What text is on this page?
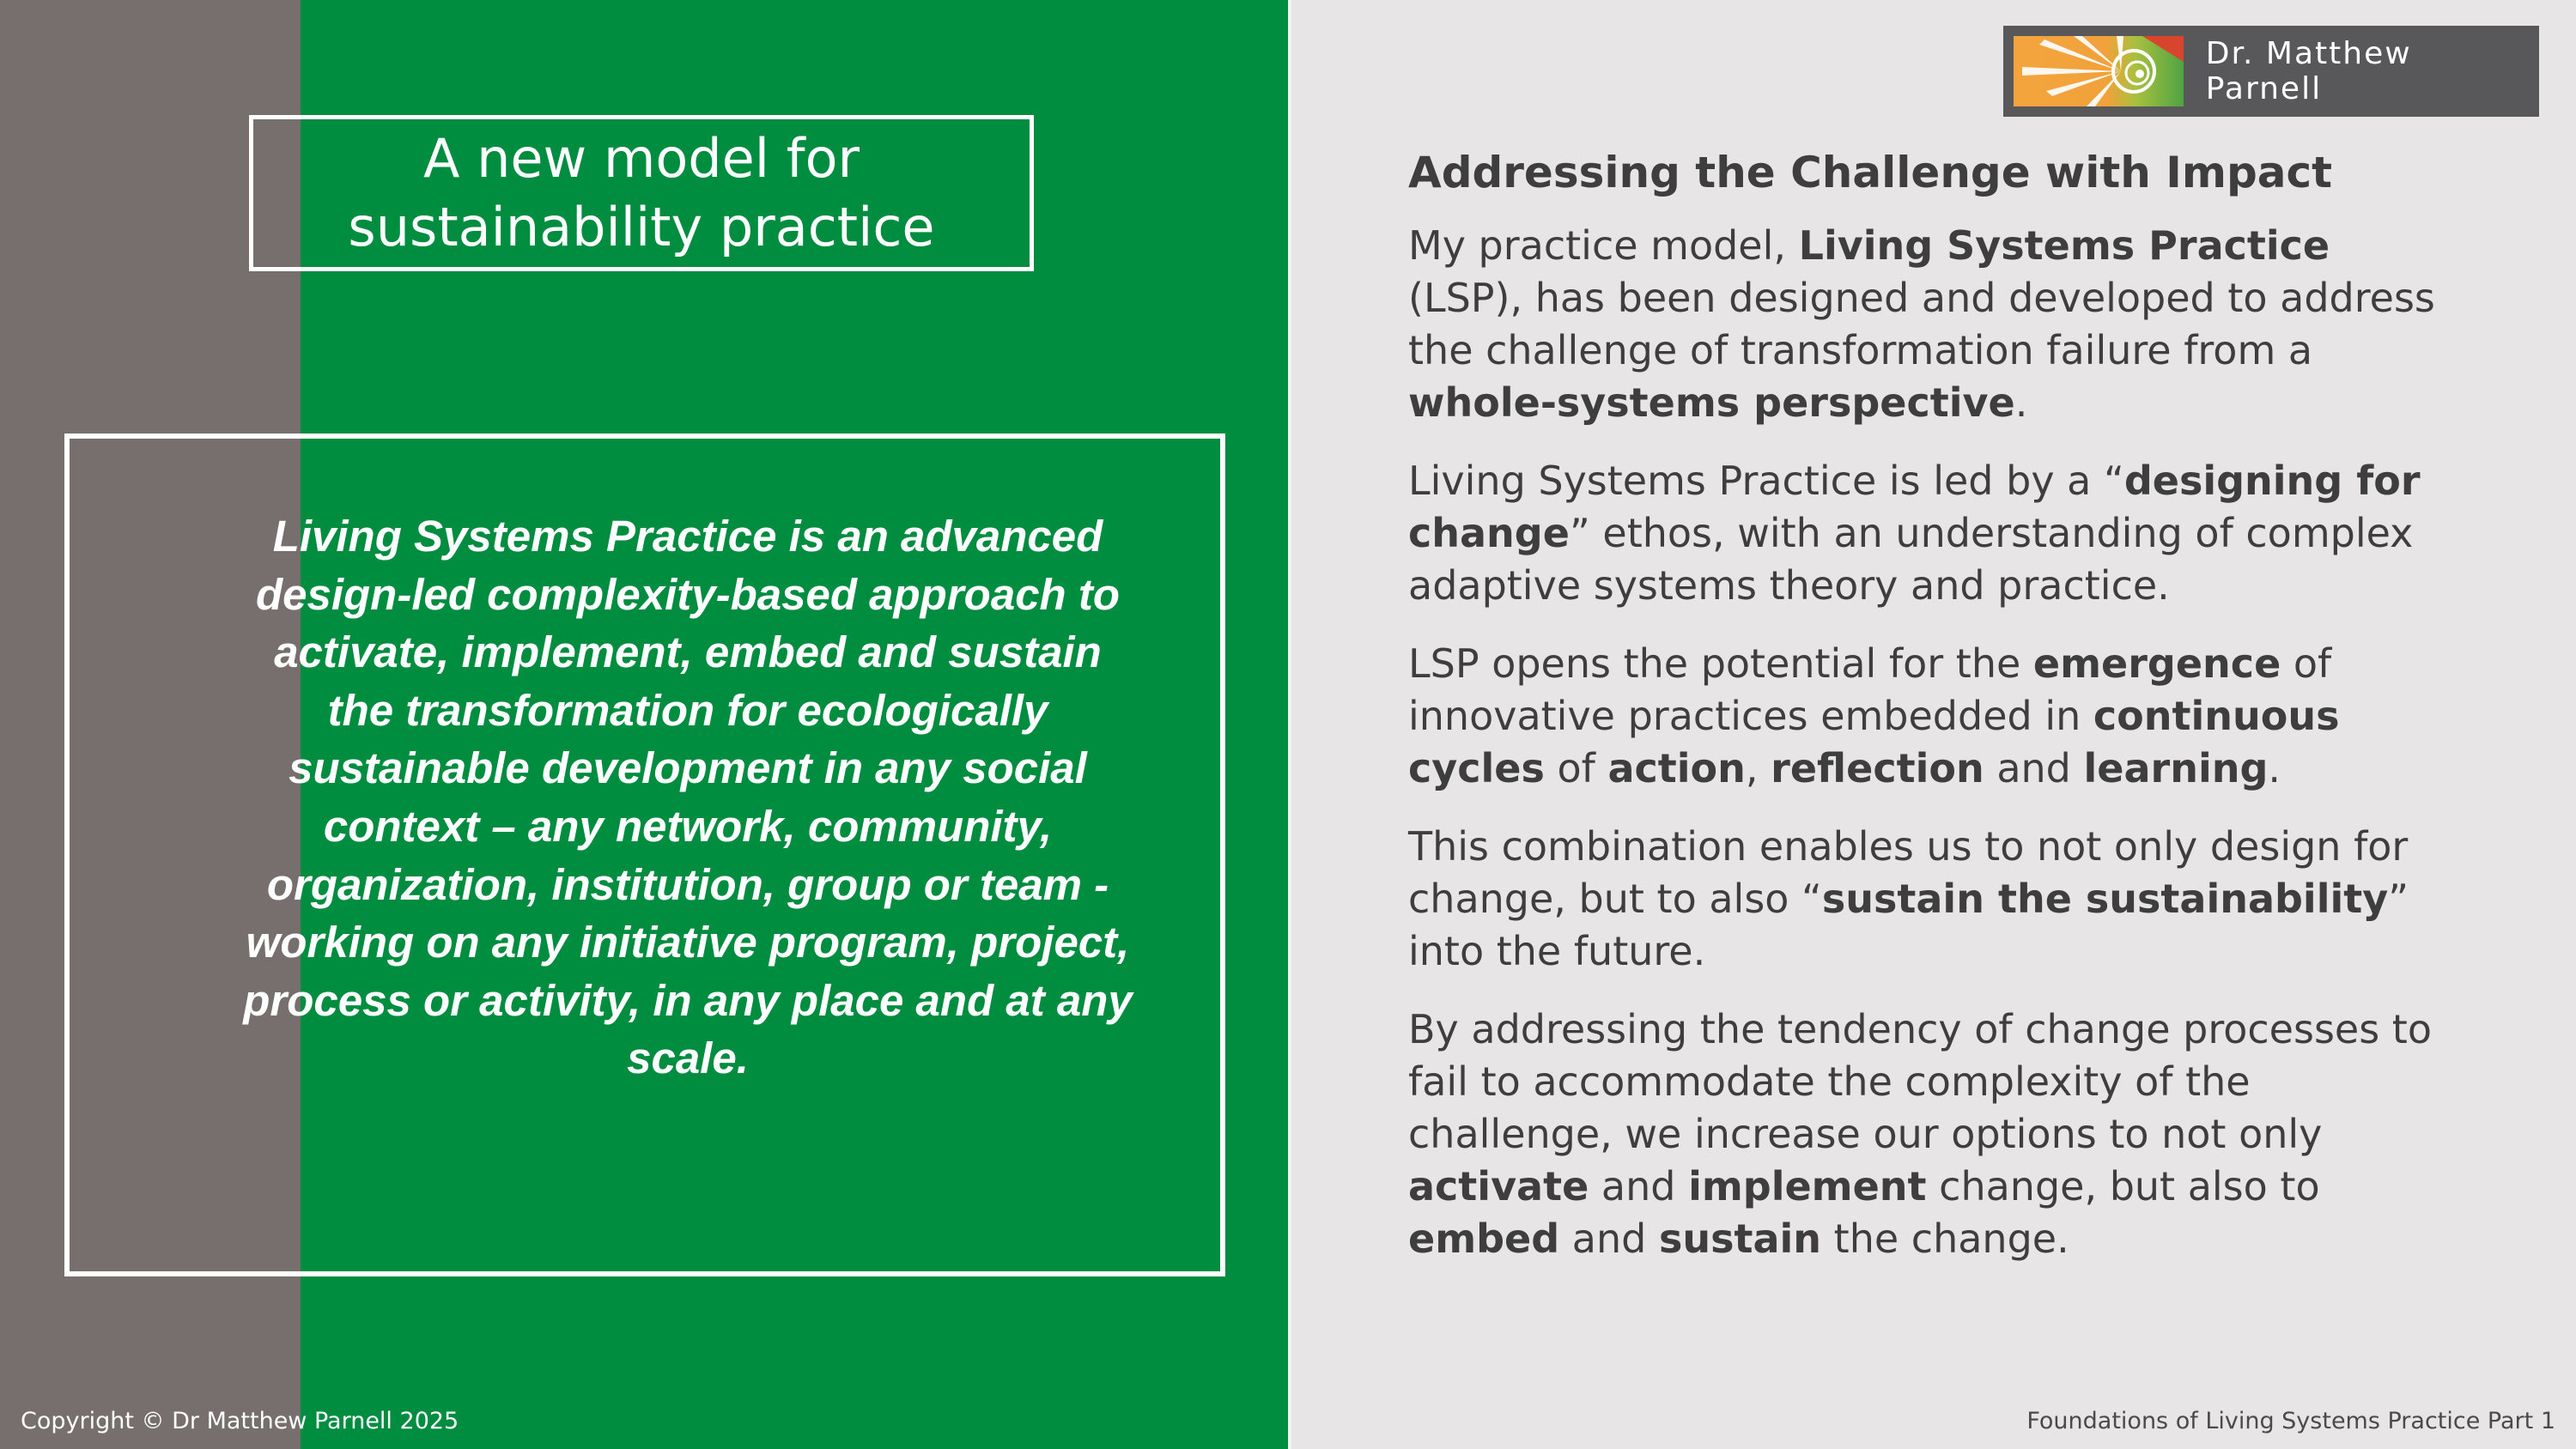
A new model for
sustainability practice
Living Systems Practice is an advanced design-led complexity-based approach to activate, implement, embed and sustain the transformation for ecologically sustainable development in any social context – any network, community, organization, institution, group or team - working on any initiative program, project, process or activity, in any place and at any scale.
Dr. Matthew Parnell
Addressing the Challenge with Impact
My practice model, Living Systems Practice (LSP), has been designed and developed to address the challenge of transformation failure from a whole-systems perspective.
Living Systems Practice is led by a “designing for change” ethos, with an understanding of complex adaptive systems theory and practice.
LSP opens the potential for the emergence of innovative practices embedded in continuous cycles of action, reflection and learning.
This combination enables us to not only design for change, but to also “sustain the sustainability” into the future.
By addressing the tendency of change processes to fail to accommodate the complexity of the challenge, we increase our options to not only activate and implement change, but also to embed and sustain the change.
Copyright © Dr Matthew Parnell 2025	Foundations of Living Systems Practice Part 1
